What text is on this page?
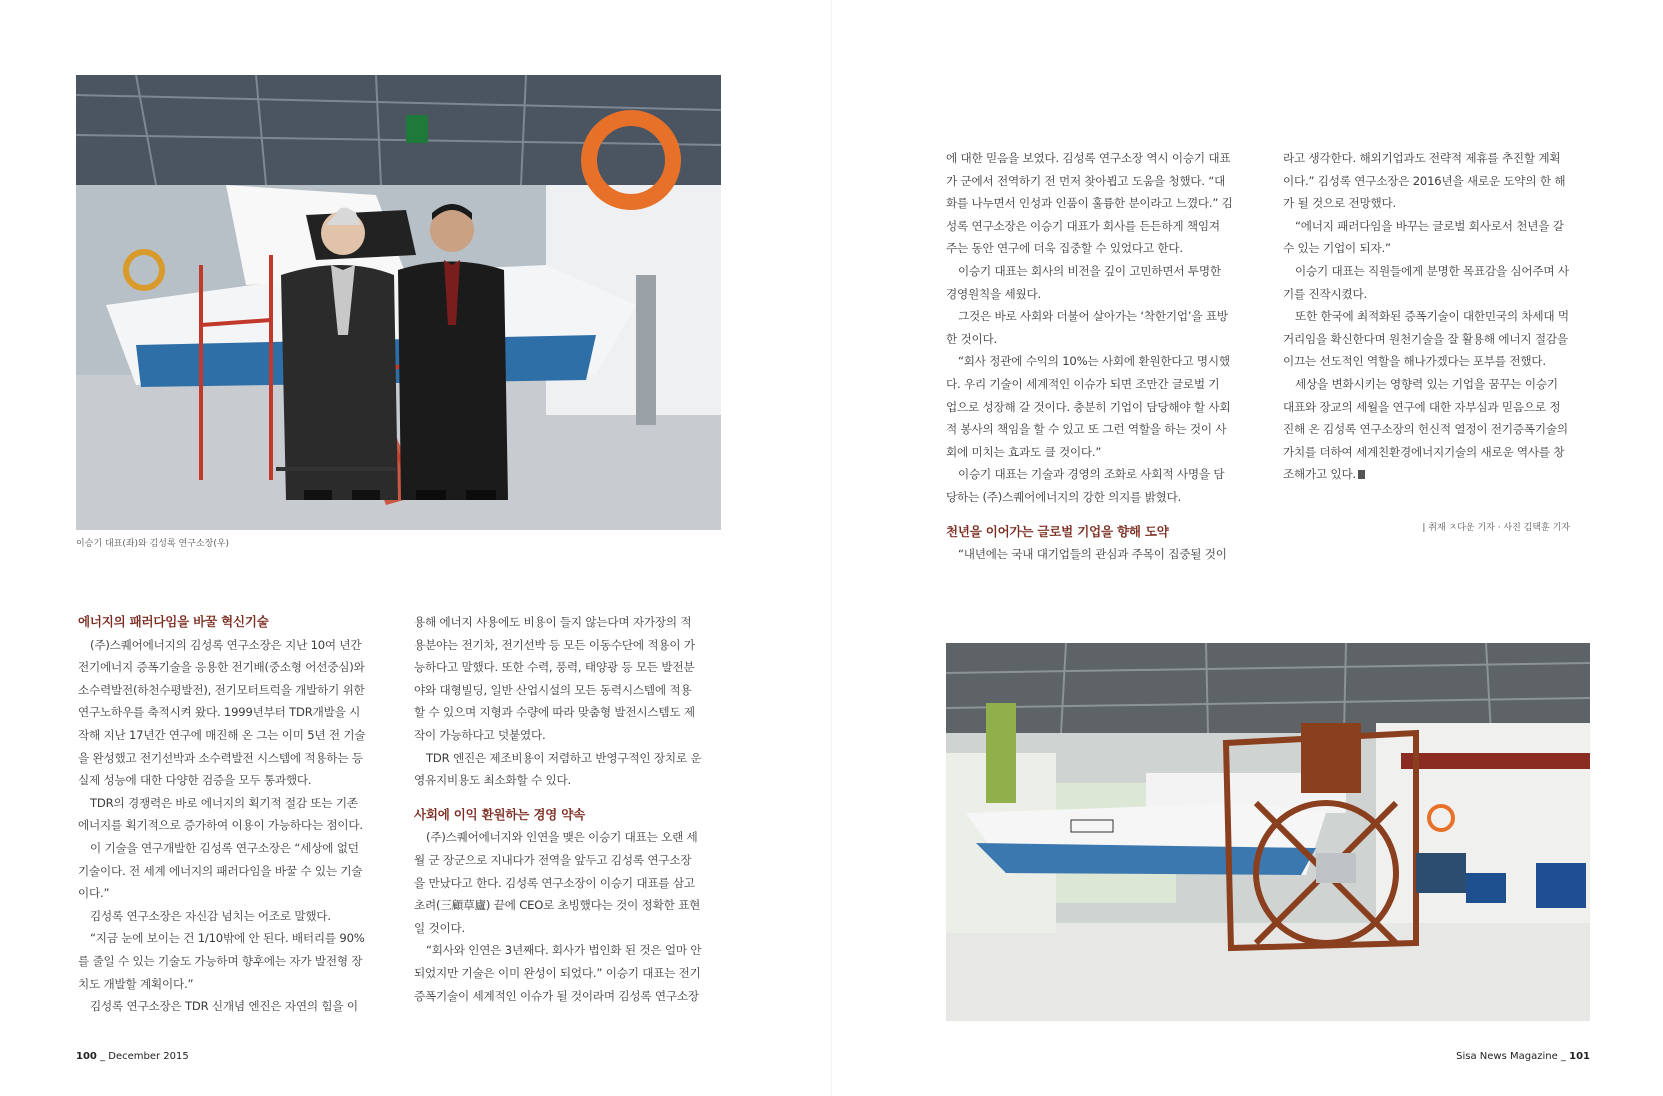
이승기 대표(좌)와 김성록 연구소장(우)
에너지의 패러다임을 바꿀 혁신기술

(주)스퀘어에너지의 김성록 연구소장은 지난 10여 년간

전기에너지 증폭기술을 응용한 전기배(중소형 어선중심)와

소수력발전(하천수평발전), 전기모터트럭을 개발하기 위한

연구노하우를 축적시켜 왔다. 1999년부터 TDR개발을 시

작해 지난 17년간 연구에 매진해 온 그는 이미 5년 전 기술

을 완성했고 전기선박과 소수력발전 시스템에 적용하는 등

실제 성능에 대한 다양한 검증을 모두 통과했다.

TDR의 경쟁력은 바로 에너지의 획기적 절감 또는 기존

에너지를 획기적으로 증가하여 이용이 가능하다는 점이다.

이 기술을 연구개발한 김성록 연구소장은 “세상에 없던

기술이다. 전 세계 에너지의 패러다임을 바꿀 수 있는 기술

이다.”

김성록 연구소장은 자신감 넘치는 어조로 말했다.

“지금 눈에 보이는 건 1/10밖에 안 된다. 배터리를 90%

를 줄일 수 있는 기술도 가능하며 향후에는 자가 발전형 장

치도 개발할 계획이다.”

김성록 연구소장은 TDR 신개념 엔진은 자연의 힘을 이

용해 에너지 사용에도 비용이 들지 않는다며 자가장의 적

용분야는 전기차, 전기선박 등 모든 이동수단에 적용이 가

능하다고 말했다. 또한 수력, 풍력, 태양광 등 모든 발전분

야와 대형빌딩, 일반 산업시설의 모든 동력시스템에 적용

할 수 있으며 지형과 수량에 따라 맞춤형 발전시스템도 제

작이 가능하다고 덧붙였다.

TDR 엔진은 제조비용이 저렴하고 반영구적인 장치로 운

영유지비용도 최소화할 수 있다.

사회에 이익 환원하는 경영 약속

(주)스퀘어에너지와 인연을 맺은 이승기 대표는 오랜 세

월 군 장군으로 지내다가 전역을 앞두고 김성록 연구소장

을 만났다고 한다. 김성록 연구소장이 이승기 대표를 삼고

초려(三顧草廬) 끝에 CEO로 초빙했다는 것이 정확한 표현

일 것이다.

“회사와 인연은 3년째다. 회사가 법인화 된 것은 얼마 안

되었지만 기술은 이미 완성이 되었다.” 이승기 대표는 전기

증폭기술이 세계적인 이슈가 될 것이라며 김성록 연구소장

에 대한 믿음을 보였다. 김성록 연구소장 역시 이승기 대표

가 군에서 전역하기 전 먼저 찾아뵙고 도움을 청했다. “대

화를 나누면서 인성과 인품이 훌륭한 분이라고 느꼈다.” 김

성록 연구소장은 이승기 대표가 회사를 든든하게 책임져

주는 동안 연구에 더욱 집중할 수 있었다고 한다.

이승기 대표는 회사의 비전을 깊이 고민하면서 투명한

경영원칙을 세웠다.

그것은 바로 사회와 더불어 살아가는 ‘착한기업’을 표방

한 것이다.

“회사 정관에 수익의 10%는 사회에 환원한다고 명시했

다. 우리 기술이 세계적인 이슈가 되면 조만간 글로벌 기

업으로 성장해 갈 것이다. 충분히 기업이 담당해야 할 사회

적 봉사의 책임을 할 수 있고 또 그런 역할을 하는 것이 사

회에 미치는 효과도 클 것이다.”

이승기 대표는 기술과 경영의 조화로 사회적 사명을 담

당하는 (주)스퀘어에너지의 강한 의지를 밝혔다.

천년을 이어가는 글로벌 기업을 향해 도약

“내년에는 국내 대기업들의 관심과 주목이 집중될 것이

라고 생각한다. 해외기업과도 전략적 제휴를 추진할 계획

이다.” 김성록 연구소장은 2016년을 새로운 도약의 한 해

가 될 것으로 전망했다.

“에너지 패러다임을 바꾸는 글로벌 회사로서 천년을 갈

수 있는 기업이 되자.”

이승기 대표는 직원들에게 분명한 목표감을 심어주며 사

기를 진작시켰다.

또한 한국에 최적화된 증폭기술이 대한민국의 차세대 먹

거리임을 확신한다며 원천기술을 잘 활용해 에너지 절감을

이끄는 선도적인 역할을 해나가겠다는 포부를 전했다.

세상을 변화시키는 영향력 있는 기업을 꿈꾸는 이승기

대표와 장교의 세월을 연구에 대한 자부심과 믿음으로 정

진해 온 김성록 연구소장의 헌신적 열정이 전기증폭기술의

가치를 더하여 세계친환경에너지기술의 새로운 역사를 창

조해가고 있다.

| 취재 ㅈ다운 기자 · 사진 김택훈 기자
100 _ December 2015	Sisa News Magazine _ 101
